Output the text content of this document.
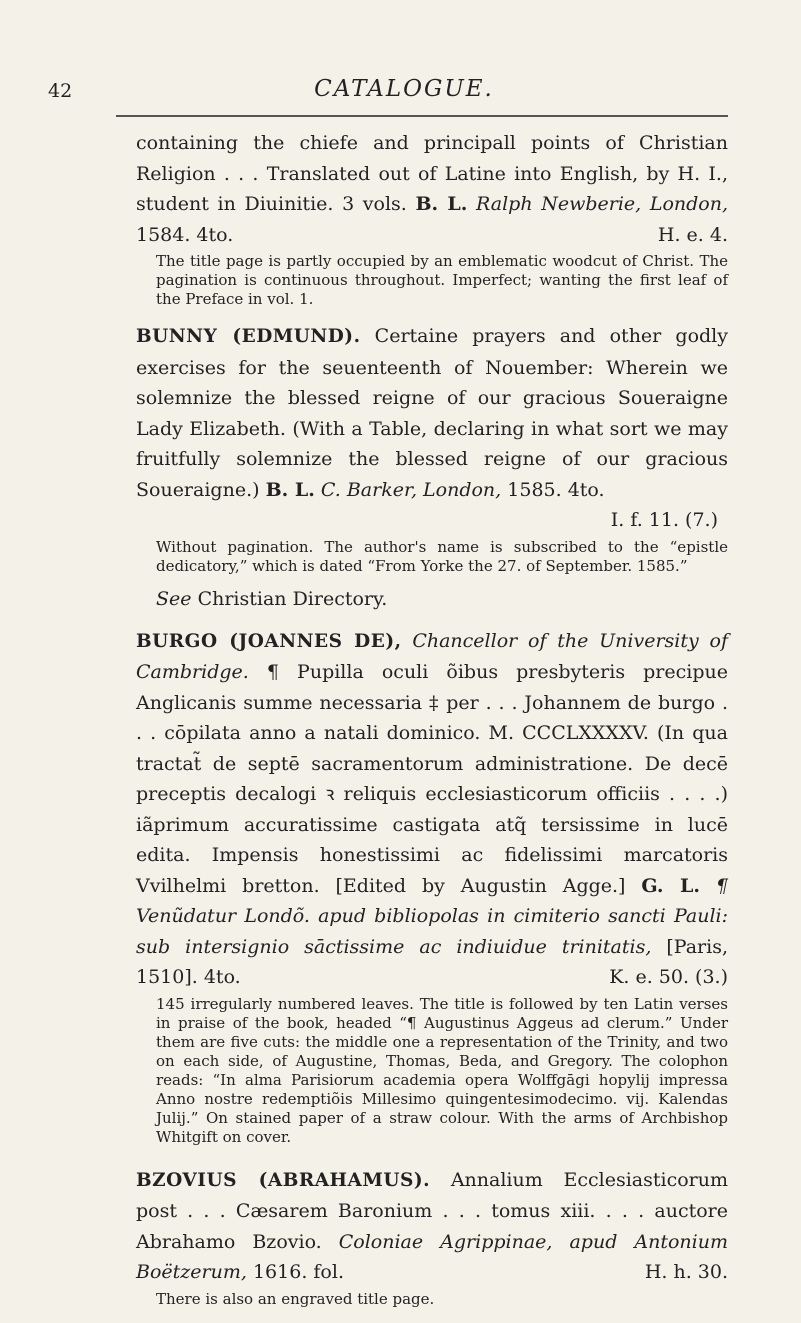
42	CATALOGUE.

containing the chiefe and principall points of Christian Religion . . . Translated out of Latine into English, by H. I., student in Diuinitie. 3 vols. B. L. Ralph Newberie, London, 1584. 4to.	H. e. 4.

The title page is partly occupied by an emblematic woodcut of Christ. The pagination is continuous throughout. Imperfect; wanting the first leaf of the Preface in vol. 1.

BUNNY (EDMUND). Certaine prayers and other godly exercises for the seuenteenth of Nouember: Wherein we solemnize the blessed reigne of our gracious Soueraigne Lady Elizabeth. (With a Table, declaring in what sort we may fruitfully solemnize the blessed reigne of our gracious Soueraigne.) B. L. C. Barker, London, 1585. 4to.
I. f. 11. (7.)

Without pagination. The author's name is subscribed to the “epistle dedicatory,” which is dated “From Yorke the 27. of September. 1585.”

See Christian Directory.

BURGO (JOANNES DE), Chancellor of the University of Cambridge. ¶ Pupilla oculi õibus presbyteris precipue Anglicanis summe necessaria ‡ per . . . Johannem de burgo . . . cōpilata anno a natali dominico. M. CCCLXXXXV. (In qua tractat̃ de septē sacramentorum administratione. De decē preceptis decalogi ꝛ reliquis ecclesiasticorum officiis . . . .) iãprimum accuratissime castigata atq̃ tersissime in lucē edita. Impensis honestissimi ac fidelissimi marcatoris Vvilhelmi bretton. [Edited by Augustin Agge.] G. L. ¶ Venũdatur Londõ. apud bibliopolas in cimiterio sancti Pauli: sub intersignio sāctissime ac indiuidue trinitatis, [Paris, 1510]. 4to.	K. e. 50. (3.)

145 irregularly numbered leaves. The title is followed by ten Latin verses in praise of the book, headed “¶ Augustinus Aggeus ad clerum.” Under them are five cuts: the middle one a representation of the Trinity, and two on each side, of Augustine, Thomas, Beda, and Gregory. The colophon reads: “In alma Parisiorum academia opera Wolffgāgi hopylij impressa Anno nostre redemptiõis Millesimo quingentesimodecimo. vij. Kalendas Julij.” On stained paper of a straw colour. With the arms of Archbishop Whitgift on cover.

BZOVIUS (ABRAHAMUS). Annalium Ecclesiasticorum post . . . Cæsarem Baronium . . . tomus xiii. . . . auctore Abrahamo Bzovio. Coloniae Agrippinae, apud Antonium Boëtzerum, 1616. fol.	H. h. 30.

There is also an engraved title page.
